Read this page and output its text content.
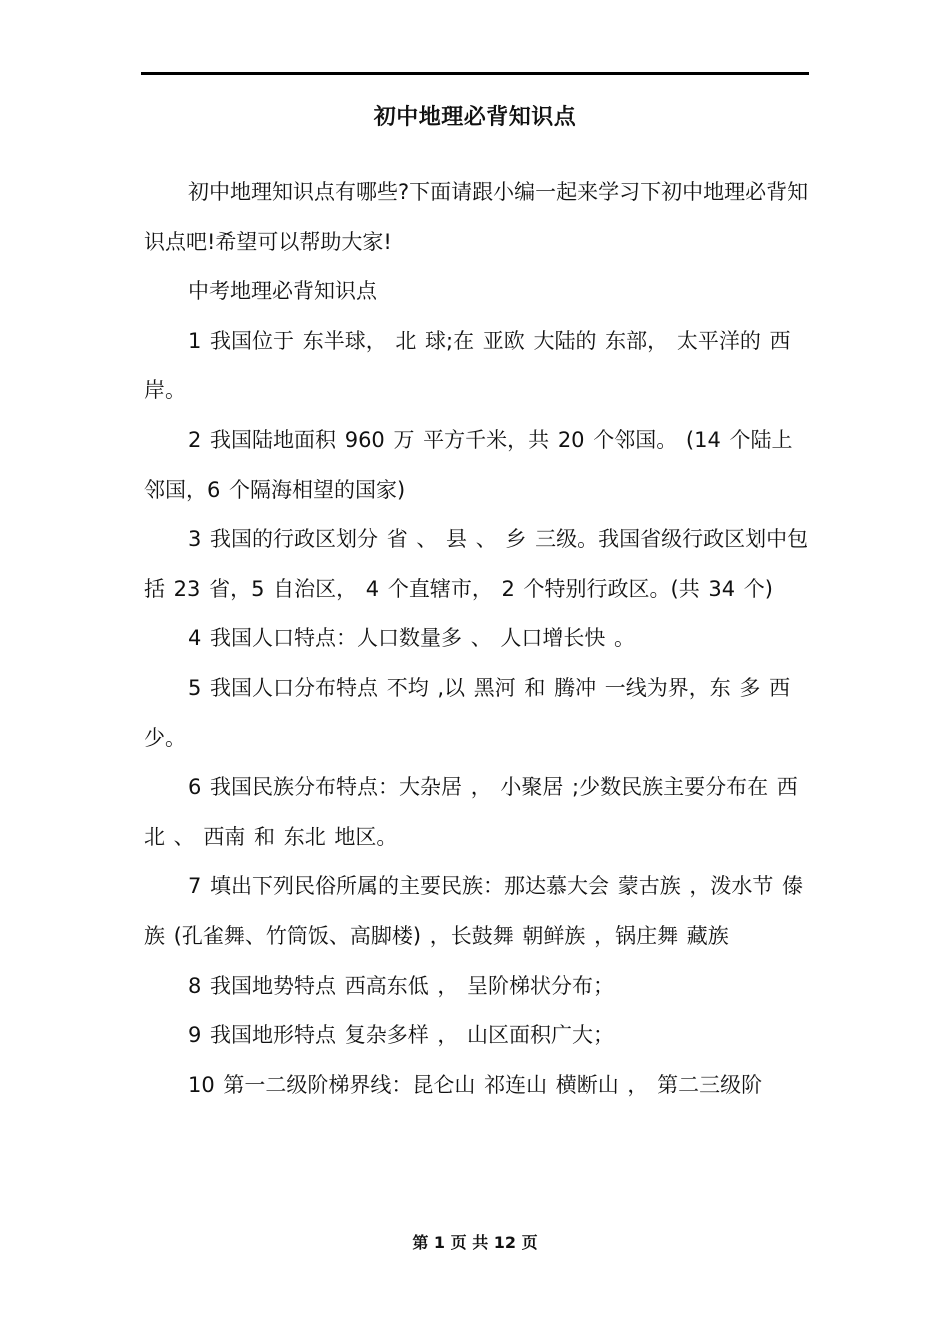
初中地理必背知识点

初中地理知识点有哪些?下面请跟小编一起来学习下初中地理必背知识点吧!希望可以帮助大家!

中考地理必背知识点

1 我国位于 东半球， 北 球;在 亚欧 大陆的 东部， 太平洋的 西 岸。

2 我国陆地面积 960 万 平方千米，共 20 个邻国。 (14 个陆上邻国，6 个隔海相望的国家)

3 我国的行政区划分 省 、 县 、 乡 三级。我国省级行政区划中包括 23 省，5 自治区， 4 个直辖市， 2 个特别行政区。(共 34 个)

4 我国人口特点：人口数量多 、 人口增长快 。

5 我国人口分布特点 不均 ,以 黑河 和 腾冲 一线为界，东 多 西 少。

6 我国民族分布特点：大杂居 ， 小聚居 ;少数民族主要分布在 西北 、 西南 和 东北 地区。

7 填出下列民俗所属的主要民族：那达慕大会 蒙古族 ，泼水节 傣族 (孔雀舞、竹筒饭、高脚楼) ，长鼓舞 朝鲜族 ，锅庄舞 藏族

8 我国地势特点 西高东低 ， 呈阶梯状分布；

9 我国地形特点 复杂多样 ， 山区面积广大；

10 第一二级阶梯界线：昆仑山 祁连山 横断山 ， 第二三级阶

第 1 页 共 12 页
